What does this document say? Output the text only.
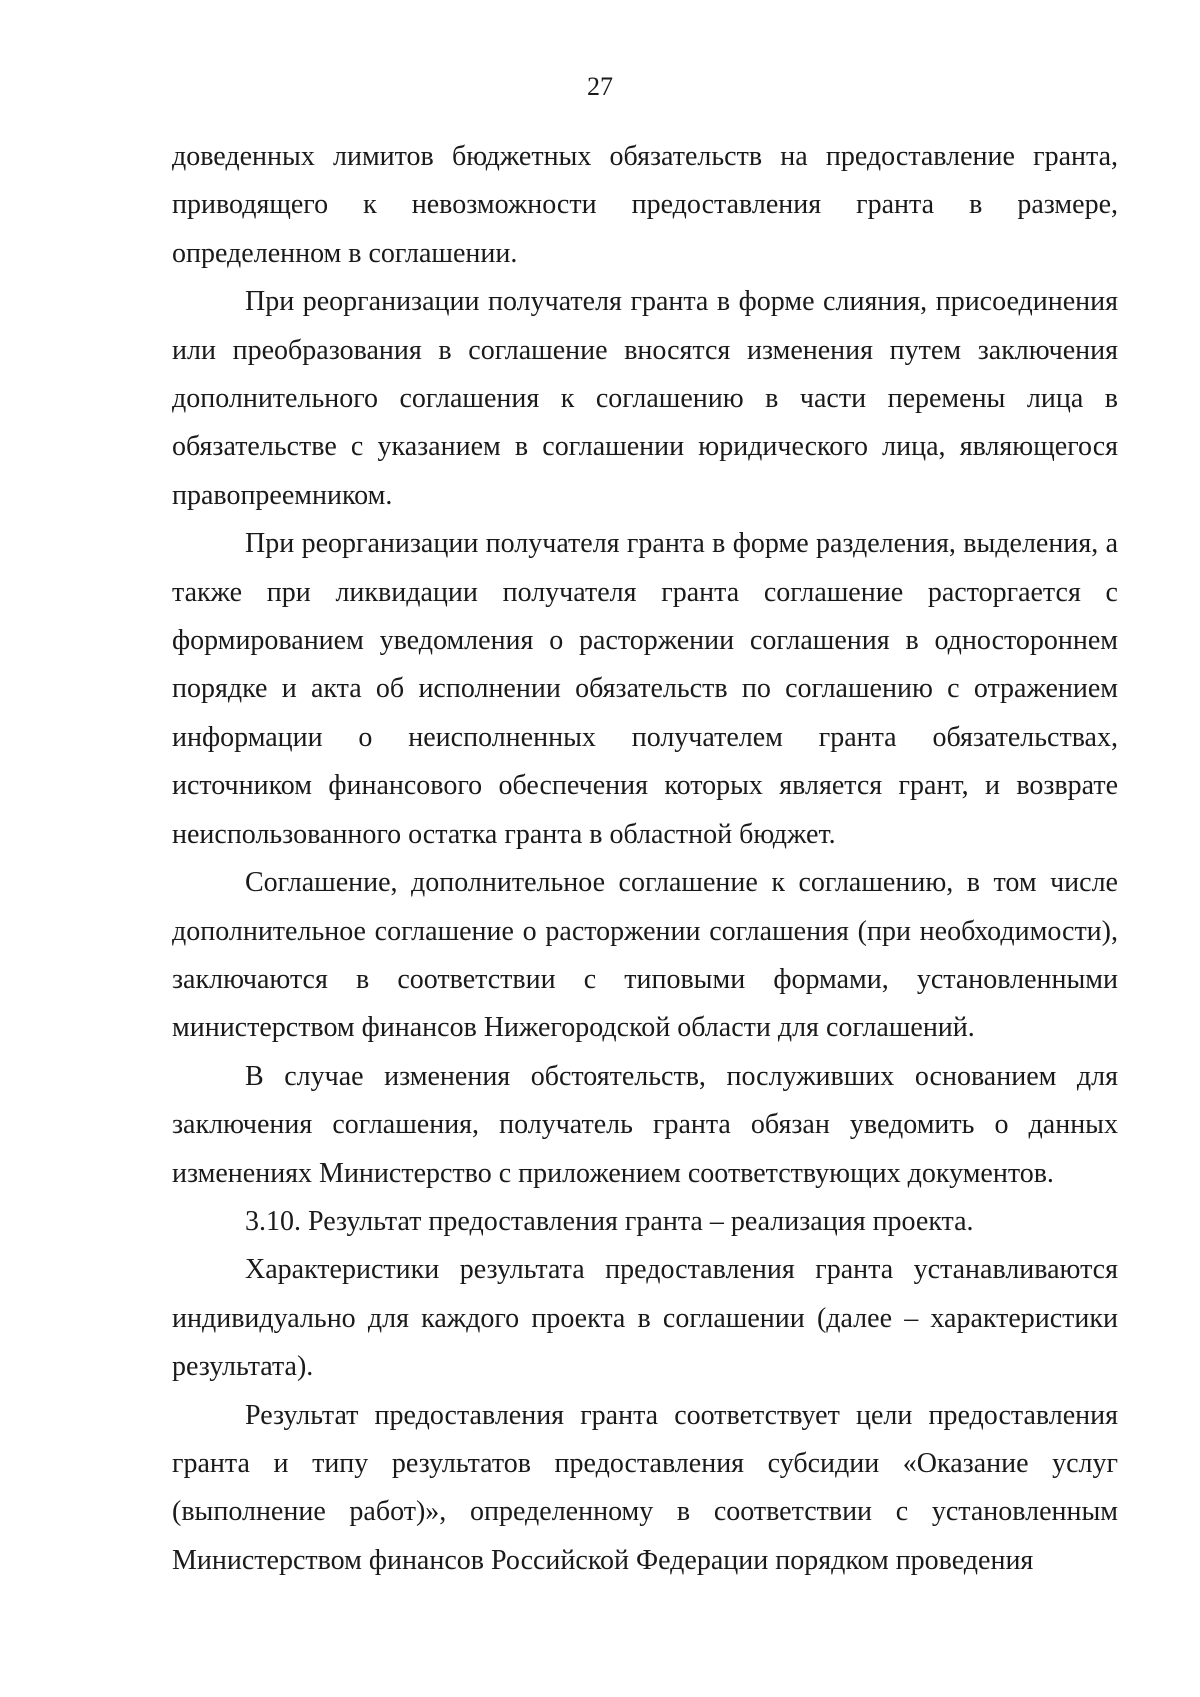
27

доведенных лимитов бюджетных обязательств на предоставление гранта, приводящего к невозможности предоставления гранта в размере, определенном в соглашении.

При реорганизации получателя гранта в форме слияния, присоединения или преобразования в соглашение вносятся изменения путем заключения дополнительного соглашения к соглашению в части перемены лица в обязательстве с указанием в соглашении юридического лица, являющегося правопреемником.

При реорганизации получателя гранта в форме разделения, выделения, а также при ликвидации получателя гранта соглашение расторгается с формированием уведомления о расторжении соглашения в одностороннем порядке и акта об исполнении обязательств по соглашению с отражением информации о неисполненных получателем гранта обязательствах, источником финансового обеспечения которых является грант, и возврате неиспользованного остатка гранта в областной бюджет.

Соглашение, дополнительное соглашение к соглашению, в том числе дополнительное соглашение о расторжении соглашения (при необходимости), заключаются в соответствии с типовыми формами, установленными министерством финансов Нижегородской области для соглашений.

В случае изменения обстоятельств, послуживших основанием для заключения соглашения, получатель гранта обязан уведомить о данных изменениях Министерство с приложением соответствующих документов.

3.10. Результат предоставления гранта – реализация проекта.

Характеристики результата предоставления гранта устанавливаются индивидуально для каждого проекта в соглашении (далее – характеристики результата).

Результат предоставления гранта соответствует цели предоставления гранта и типу результатов предоставления субсидии «Оказание услуг (выполнение работ)», определенному в соответствии с установленным Министерством финансов Российской Федерации порядком проведения
